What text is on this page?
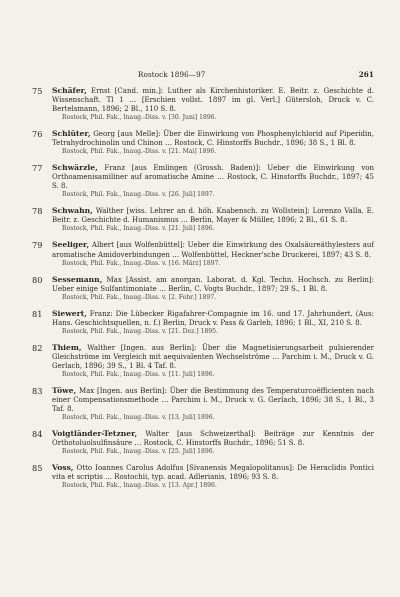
Rostock 1896—97	261
75 Schäfer, Ernst [Cand. min.]: Luther als Kirchenhistoriker. E. Beitr. z. Geschichte d. Wissenschaft. Tl 1 … [Erschien vollst. 1897 im gl. Verl.] Gütersloh, Druck v. C. Bertelsmann, 1896; 2 Bl., 110 S. 8.
Rostock, Phil. Fak., Inaug.-Diss. v. [30. Juni] 1896.
76 Schlüter, Georg [aus Melle]: Über die Einwirkung von Phosphenylchlorid auf Piperidin, Tetrahydrochinolin und Chinon … Rostock, C. Hinstorffs Buchdr., 1896; 38 S., 1 Bl. 8.
Rostock, Phil. Fak., Inaug.-Diss. v. [21. Mai] 1896.
77 Schwärzle, Franz [aus Emlingen (Grossh. Baden)]: Ueber die Einwirkung von Orthoamenisamiliner auf aromatische Amine … Rostock, C. Hinstorffs Buchdr., 1897; 45 S. 8.
Rostock, Phil. Fak., Inaug.-Diss. v. [26. Juli] 1897.
78 Schwahn, Walther [wiss. Lehrer an d. höh. Knabensch. zu Wollstein]: Lorenzo Valla. E. Beitr. z. Geschichte d. Humanismus … Berlin, Mayer & Müller, 1896; 2 Bl., 61 S. 8.
Rostock, Phil. Fak., Inaug.-Diss. v. [21. Juli] 1896.
79 Seeliger, Albert [aus Wolfenbüttel]: Ueber die Einwirkung des Oxalsäureäthylesters auf aromatische Amidoverbindungen … Wolfenbüttel, Heckner'sche Druckerei, 1897; 43 S. 8.
Rostock, Phil. Fak., Inaug.-Diss. v. [16. März] 1897.
80 Sessemann, Max [Assist. am anorgan. Laborat. d. Kgl. Techn. Hochsch. zu Berlin]: Ueber einige Sulfantimoniate … Berlin, C. Vogts Buchdr., 1897; 29 S., 1 Bl. 8.
Rostock, Phil. Fak., Inaug.-Diss. v. [2. Febr.] 1897.
81 Siewert, Franz: Die Lübecker Rigafahrer-Compagnie im 16. und 17. Jahrhundert. (Aus: Hans. Geschichtsquellen, n. f.) Berlin, Druck v. Pass & Garleb, 1896; 1 Bl., XI, 210 S. 8.
Rostock, Phil. Fak., Inaug.-Diss. v. [21. Dez.] 1895.
82 Thiem, Walther [Ingen. aus Berlin]: Über die Magnetisierungsarbeit pulsierender Gleichströme im Vergleich mit aequivalenten Wechselströme … Parchim i. M., Druck v. G. Gerlach, 1896; 39 S., 1 Bl. 4 Taf. 8.
Rostock, Phil. Fak., Inaug.-Diss. v. [11. Juli] 1896.
83 Töwe, Max [Ingen. aus Berlin]: Über die Bestimmung des Temperaturcoëfficienten nach einer Compensationsmethode … Parchim i. M., Druck v. G. Gerlach, 1896; 38 S., 1 Bl., 3 Taf. 8.
Rostock, Phil. Fak., Inaug.-Diss. v. [13. Juli] 1896.
84 Voigtländer-Tetzner, Walter [aus Schweizerthal]: Beiträge zur Kenntnis der Orthotoluolsulfinsäure … Rostock, C. Hinstorffs Buchdr., 1896; 51 S. 8.
Rostock, Phil. Fak., Inaug.-Diss. v. [25. Juli] 1896.
85 Voss, Otto Ioannes Carolus Adolfus [Sivanensis Megalopolitanus]: De Heraclidis Pontici vita et scriptis … Rostochii, typ. acad. Adlerianis, 1896; 93 S. 8.
Rostock, Phil. Fak., Inaug.-Diss. v. [13. Apr.] 1896.
